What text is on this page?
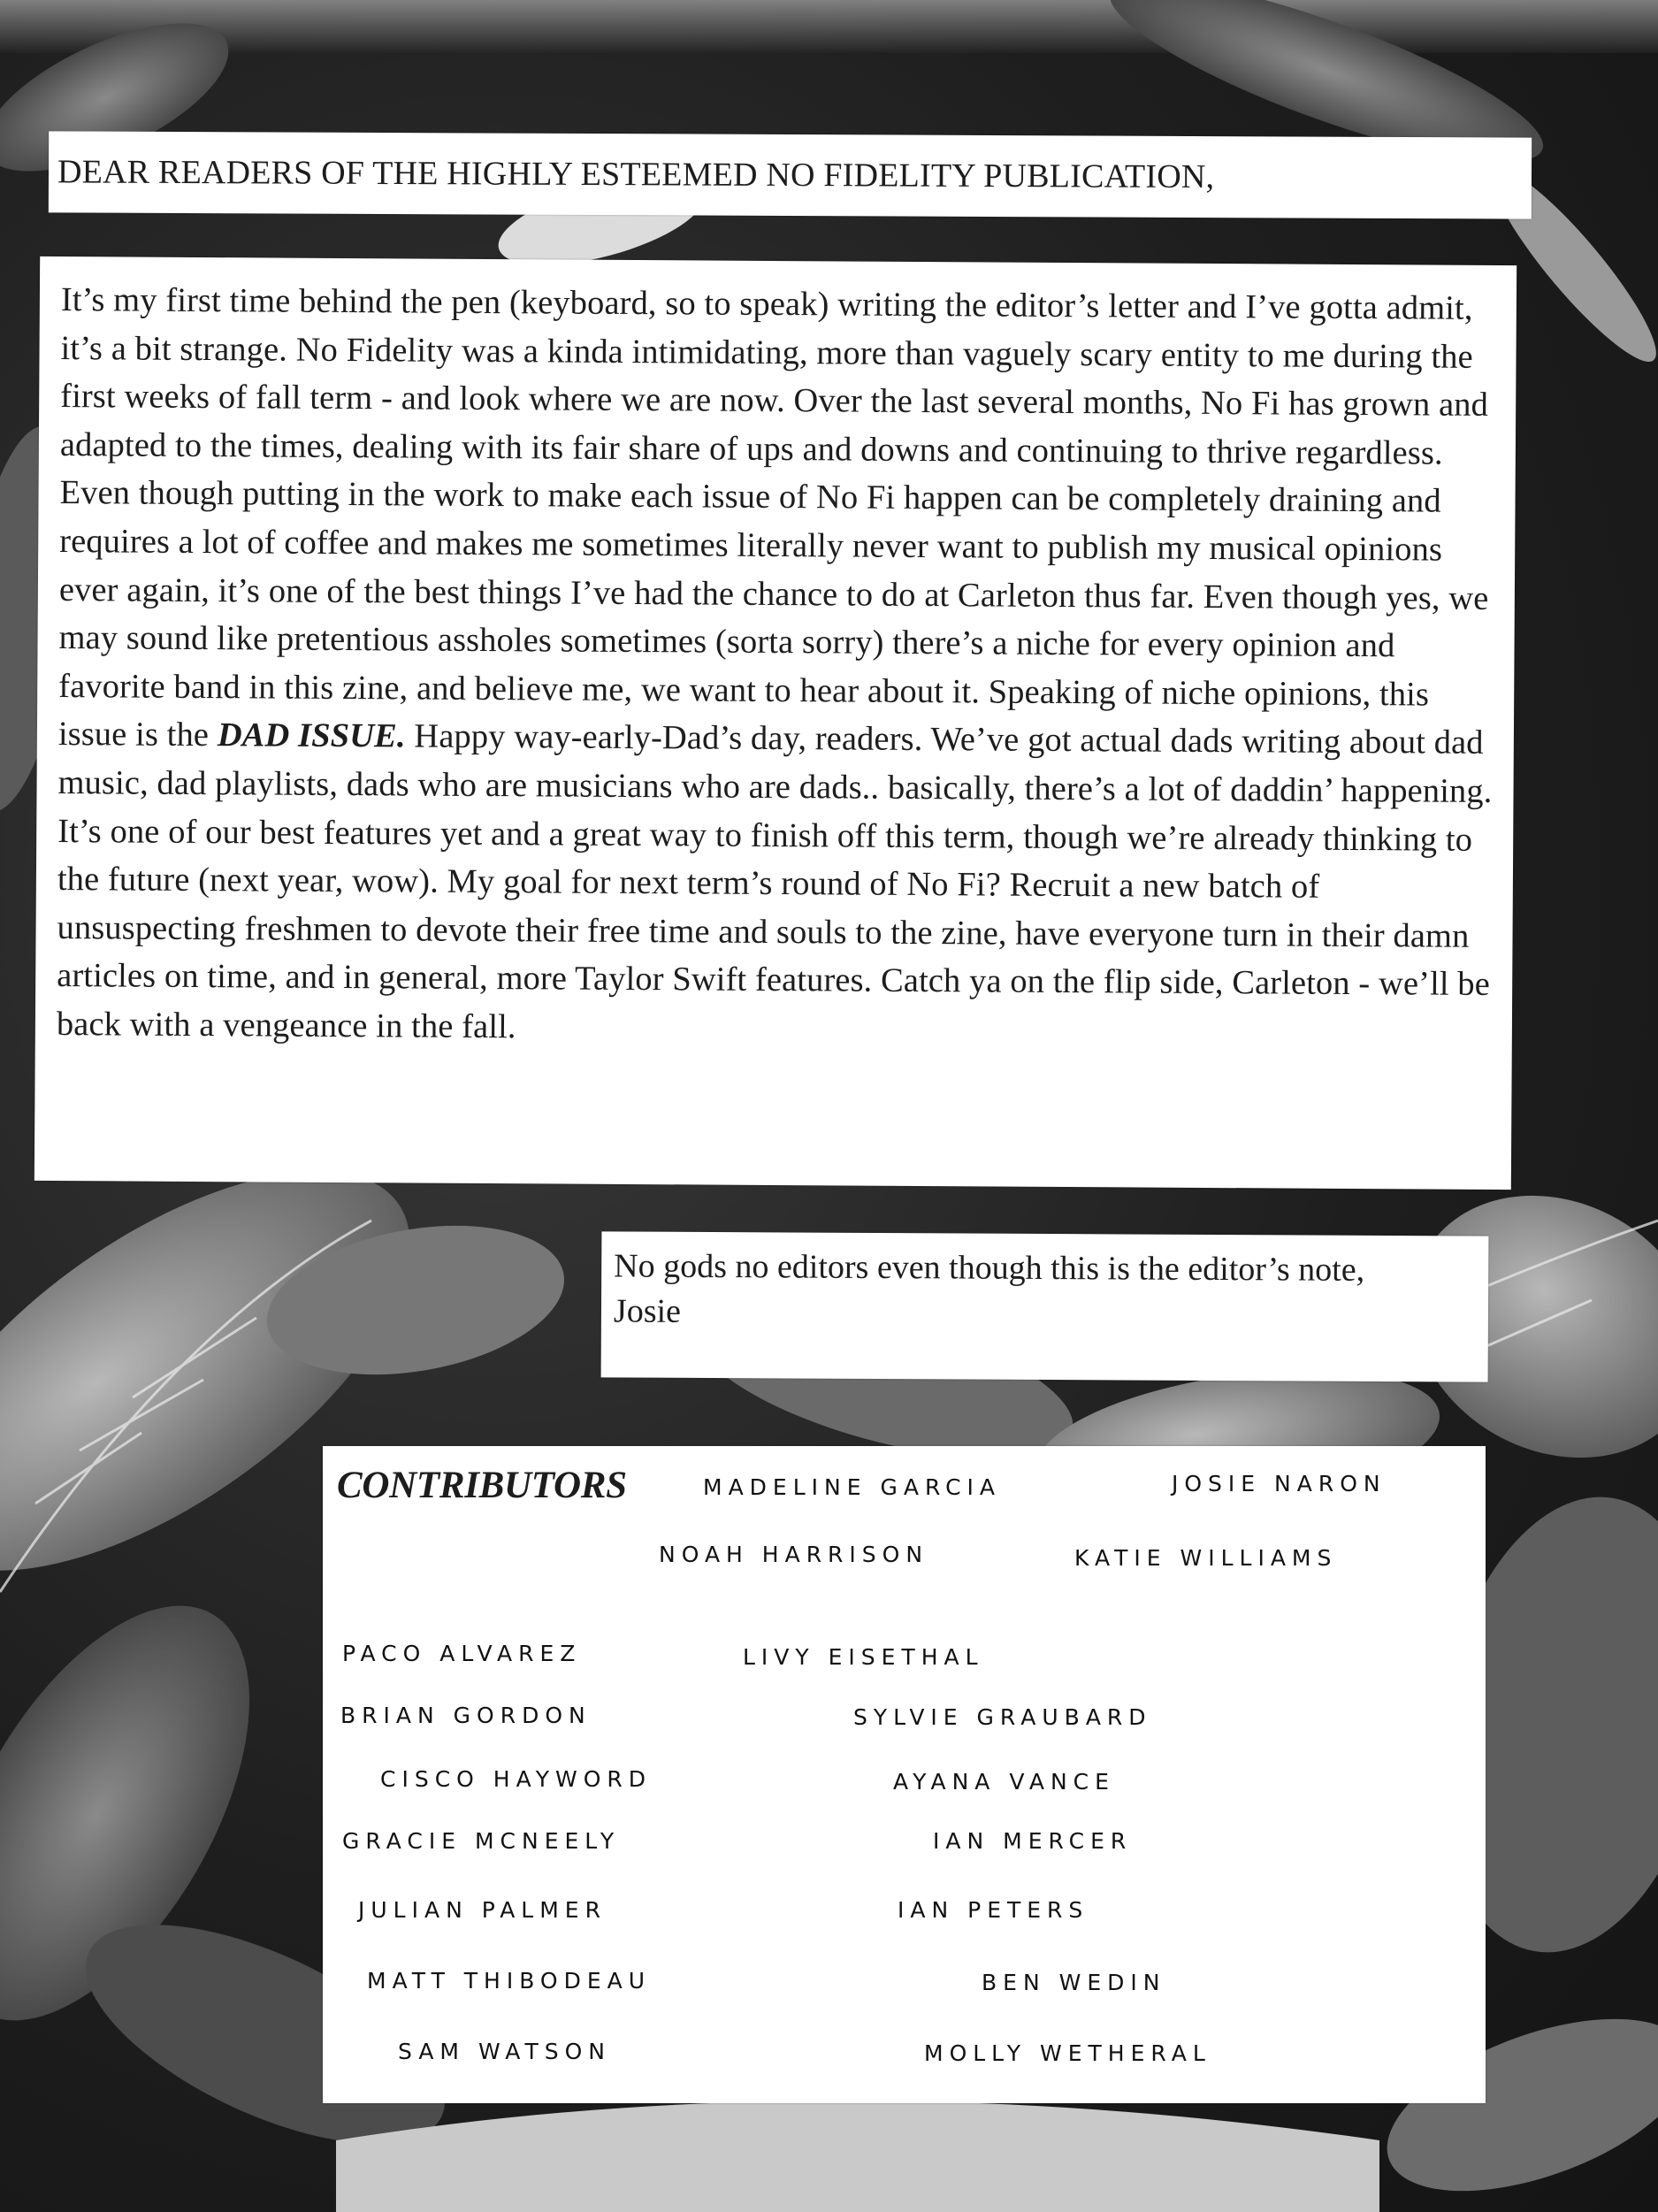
DEAR READERS OF THE HIGHLY ESTEEMED NO FIDELITY PUBLICATION,

It’s my first time behind the pen (keyboard, so to speak) writing the editor’s letter and I’ve gotta admit, it’s a bit strange. No Fidelity was a kinda intimidating, more than vaguely scary entity to me during the first weeks of fall term - and look where we are now. Over the last several months, No Fi has grown and adapted to the times, dealing with its fair share of ups and downs and continuing to thrive regardless. Even though putting in the work to make each issue of No Fi happen can be completely draining and requires a lot of coffee and makes me sometimes literally never want to publish my musical opinions ever again, it’s one of the best things I’ve had the chance to do at Carleton thus far. Even though yes, we may sound like pretentious assholes sometimes (sorta sorry) there’s a niche for every opinion and favorite band in this zine, and believe me, we want to hear about it. Speaking of niche opinions, this issue is the DAD ISSUE. Happy way-early-Dad’s day, readers. We’ve got actual dads writing about dad music, dad playlists, dads who are musicians who are dads.. basically, there’s a lot of daddin’ happening. It’s one of our best features yet and a great way to finish off this term, though we’re already thinking to the future (next year, wow). My goal for next term’s round of No Fi? Recruit a new batch of unsuspecting freshmen to devote their free time and souls to the zine, have everyone turn in their damn articles on time, and in general, more Taylor Swift features. Catch ya on the flip side, Carleton - we’ll be back with a vengeance in the fall.

No gods no editors even though this is the editor’s note,

Josie

CONTRIBUTORS	MADELINE GARCIA	JOSIE NARON
NOAH HARRISON	KATIE WILLIAMS
PACO ALVAREZ	LIVY EISETHAL
BRIAN GORDON	SYLVIE GRAUBARD
CISCO HAYWORD	AYANA VANCE
GRACIE MCNEELY	IAN MERCER
JULIAN PALMER	IAN PETERS
MATT THIBODEAU	BEN WEDIN
SAM WATSON	MOLLY WETHERAL
